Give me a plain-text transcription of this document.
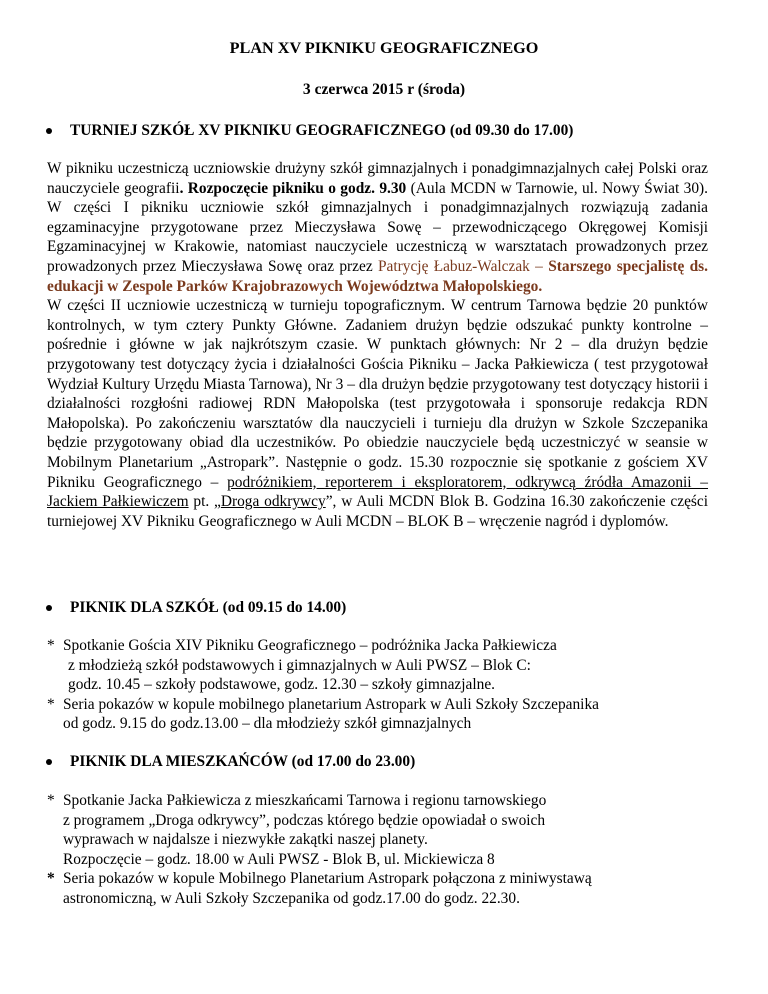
PLAN XV PIKNIKU GEOGRAFICZNEGO
3 czerwca 2015 r (środa)
TURNIEJ SZKÓŁ XV PIKNIKU GEOGRAFICZNEGO (od 09.30 do 17.00)

W pikniku uczestniczą uczniowskie drużyny szkół gimnazjalnych i ponadgimnazjalnych całej Polski oraz nauczyciele geografii. Rozpoczęcie pikniku o godz. 9.30 (Aula MCDN w Tarnowie, ul. Nowy Świat 30). W części I pikniku uczniowie szkół gimnazjalnych i ponadgimnazjalnych rozwiązują zadania egzaminacyjne przygotowane przez Mieczysława Sowę – przewodniczącego Okręgowej Komisji Egzaminacyjnej w Krakowie, natomiast nauczyciele uczestniczą w warsztatach prowadzonych przez prowadzonych przez Mieczysława Sowę oraz przez Patrycję Łabuz-Walczak – Starszego specjalistę ds. edukacji w Zespole Parków Krajobrazowych Województwa Małopolskiego.

W części II uczniowie uczestniczą w turnieju topograficznym. W centrum Tarnowa będzie 20 punktów kontrolnych, w tym cztery Punkty Główne. Zadaniem drużyn będzie odszukać punkty kontrolne – pośrednie i główne w jak najkrótszym czasie. W punktach głównych: Nr 2 – dla drużyn będzie przygotowany test dotyczący życia i działalności Gościa Pikniku – Jacka Pałkiewicza ( test przygotował Wydział Kultury Urzędu Miasta Tarnowa), Nr 3 – dla drużyn będzie przygotowany test dotyczący historii i działalności rozgłośni radiowej RDN Małopolska (test przygotowała i sponsoruje redakcja RDN Małopolska). Po zakończeniu warsztatów dla nauczycieli i turnieju dla drużyn w Szkole Szczepanika będzie przygotowany obiad dla uczestników. Po obiedzie nauczyciele będą uczestniczyć w seansie w Mobilnym Planetarium „Astropark”. Następnie o godz. 15.30 rozpocznie się spotkanie z gościem XV Pikniku Geograficznego – podróżnikiem, reporterem i eksploratorem, odkrywcą źródła Amazonii –Jackiem Pałkiewiczem pt. „Droga odkrywcy”, w Auli MCDN Blok B. Godzina 16.30 zakończenie części turniejowej XV Pikniku Geograficznego w Auli MCDN – BLOK B – wręczenie nagród i dyplomów.

PIKNIK DLA SZKÓŁ (od 09.15 do 14.00)
* Spotkanie Gościa XIV Pikniku Geograficznego – podróżnika Jacka Pałkiewicza
z młodzieżą szkół podstawowych i gimnazjalnych w Auli PWSZ – Blok C:
godz. 10.45 – szkoły podstawowe, godz. 12.30 – szkoły gimnazjalne.
* Seria pokazów w kopule mobilnego planetarium Astropark w Auli Szkoły Szczepanika
od godz. 9.15 do godz.13.00 – dla młodzieży szkół gimnazjalnych
PIKNIK DLA MIESZKAŃCÓW (od 17.00 do 23.00)
* Spotkanie Jacka Pałkiewicza z mieszkańcami Tarnowa i regionu tarnowskiego
z programem „Droga odkrywcy”, podczas którego będzie opowiadał o swoich
wyprawach w najdalsze i niezwykłe zakątki naszej planety.
Rozpoczęcie – godz. 18.00 w Auli PWSZ - Blok B, ul. Mickiewicza 8
* Seria pokazów w kopule Mobilnego Planetarium Astropark połączona z miniwystawą
astronomiczną, w Auli Szkoły Szczepanika od godz.17.00 do godz. 22.30.
